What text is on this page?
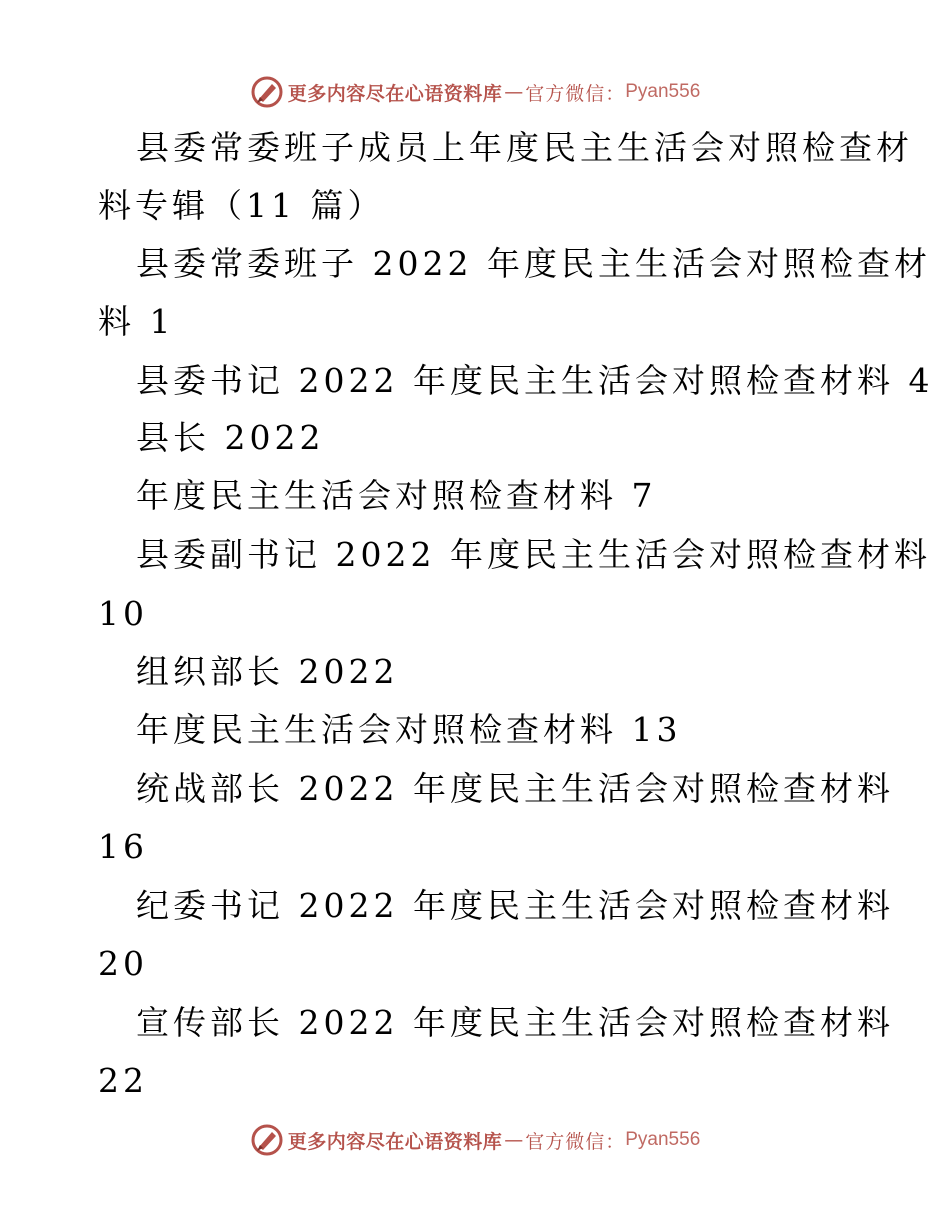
更多内容尽在心语资料库 — 官方微信： Pyan556
县委常委班子成员上年度民主生活会对照检查材
料专辑（11 篇）
县委常委班子 2022 年度民主生活会对照检查材
料 1
县委书记 2022 年度民主生活会对照检查材料 4
县长 2022
年度民主生活会对照检查材料 7
县委副书记 2022 年度民主生活会对照检查材料
10
组织部长 2022
年度民主生活会对照检查材料 13
统战部长 2022 年度民主生活会对照检查材料
16
纪委书记 2022 年度民主生活会对照检查材料
20
宣传部长 2022 年度民主生活会对照检查材料
22
更多内容尽在心语资料库 — 官方微信： Pyan556
